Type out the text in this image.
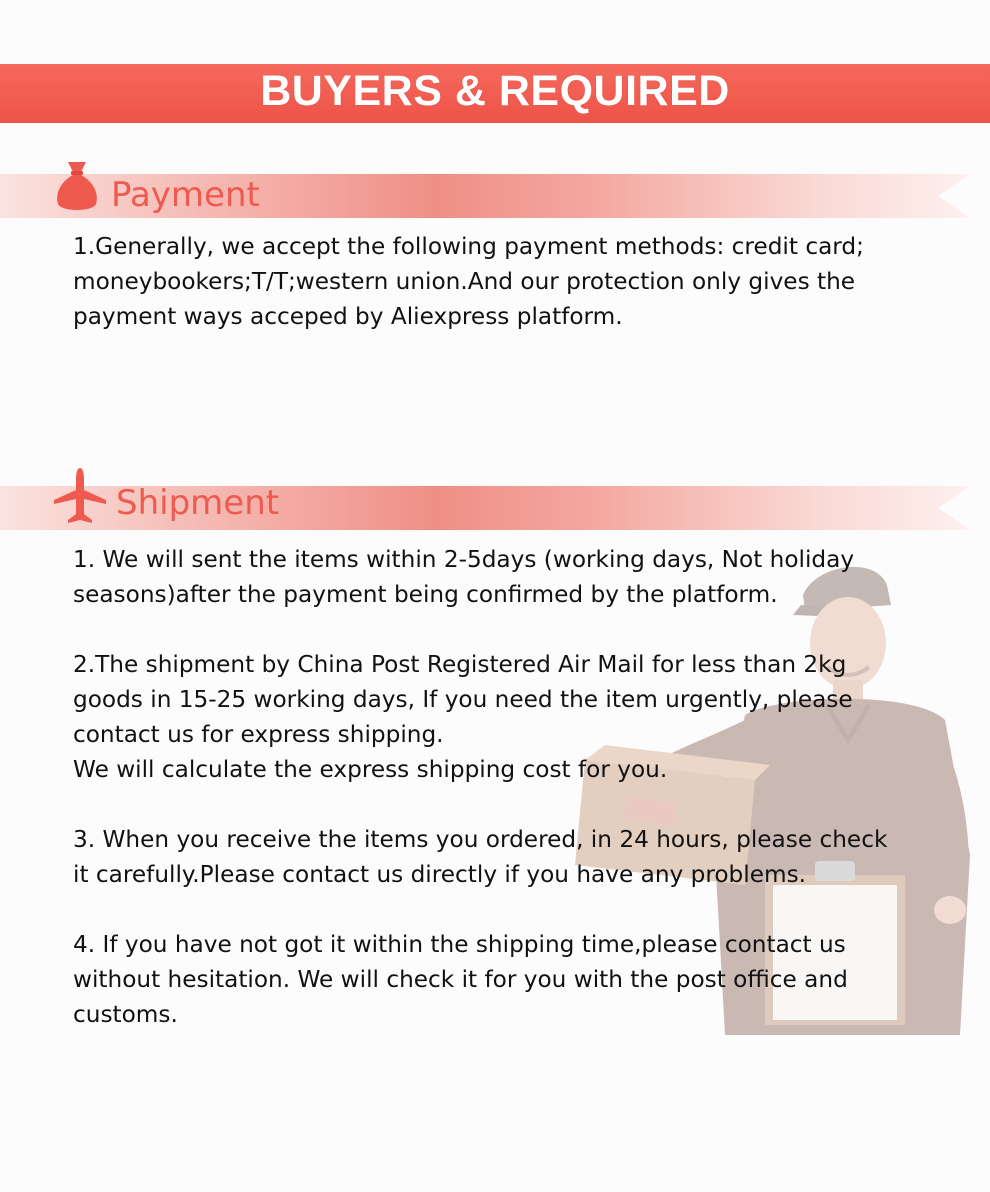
BUYERS & REQUIRED
Payment

1.Generally, we accept the following payment methods: credit card;
moneybookers;T/T;western union.And our protection only gives the
payment ways acceped by Aliexpress platform.

Shipment

1. We will sent the items within 2-5days (working days, Not holiday
seasons)after the payment being confirmed by the platform.

2.The shipment by China Post Registered Air Mail for less than 2kg
goods in 15-25 working days, If you need the item urgently, please
contact us for express shipping.
We will calculate the express shipping cost for you.

3. When you receive the items you ordered, in 24 hours, please check
it carefully.Please contact us directly if you have any problems.

4. If you have not got it within the shipping time,please contact us
without hesitation. We will check it for you with the post office and
customs.
